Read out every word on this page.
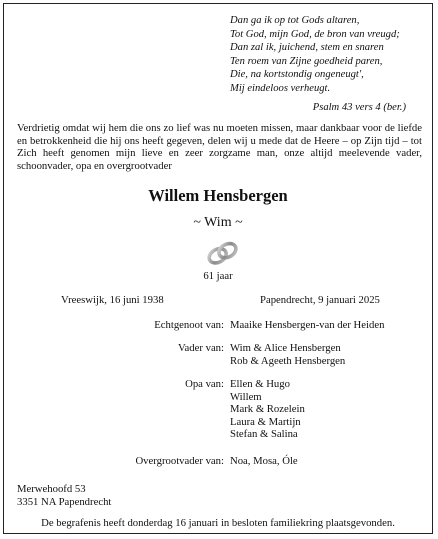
Dan ga ik op tot Gods altaren,
Tot God, mijn God, de bron van vreugd;
Dan zal ik, juichend, stem en snaren
Ten roem van Zijne goedheid paren,
Die, na kortstondig ongeneugt',
Mij eindeloos verheugt.
Psalm 43 vers 4 (ber.)
Verdrietig omdat wij hem die ons zo lief was nu moeten missen, maar dankbaar voor de liefde en betrokkenheid die hij ons heeft gegeven, delen wij u mede dat de Heere – op Zijn tijd – tot Zich heeft genomen mijn lieve en zeer zorgzame man, onze altijd meelevende vader, schoonvader, opa en overgrootvader
Willem Hensbergen
~ Wim ~
61 jaar
Vreeswijk, 16 juni 1938	Papendrecht, 9 januari 2025
Echtgenoot van: Maaike Hensbergen-van der Heiden
Vader van: Wim & Alice Hensbergen
Rob & Ageeth Hensbergen
Opa van: Ellen & Hugo
Willem
Mark & Rozelein
Laura & Martijn
Stefan & Salina
Overgrootvader van: Noa, Mosa, Óle
Merwehoofd 53
3351 NA Papendrecht
De begrafenis heeft donderdag 16 januari in besloten familiekring plaatsgevonden.
